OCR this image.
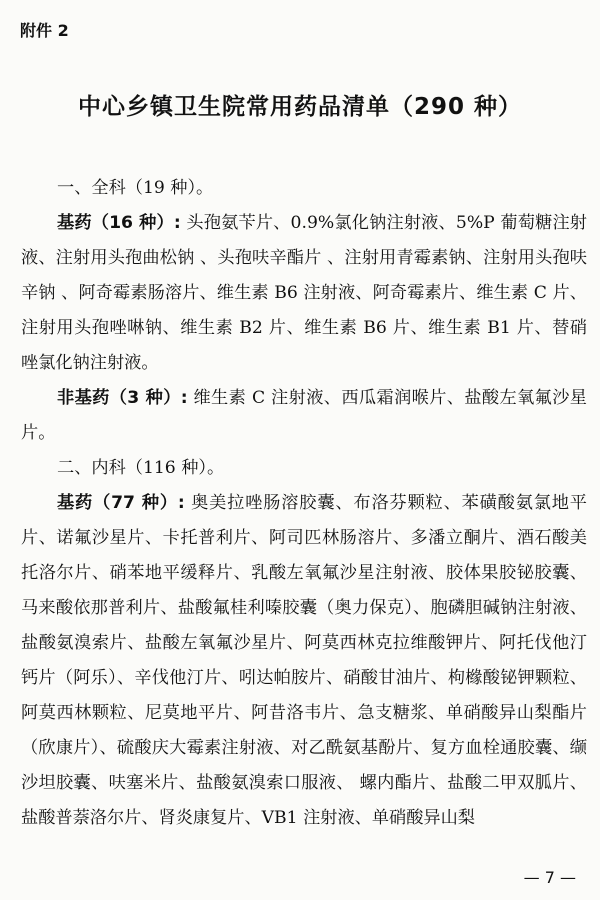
附件 2
中心乡镇卫生院常用药品清单（290 种）

一、全科（19 种）。

基药（16 种）: 头孢氨苄片、0.9%氯化钠注射液、5%P 葡萄糖注射液、注射用头孢曲松钠 、头孢呋辛酯片 、注射用青霉素钠、注射用头孢呋辛钠 、阿奇霉素肠溶片、维生素 B6 注射液、阿奇霉素片、维生素 C 片、注射用头孢唑啉钠、维生素 B2 片、维生素 B6 片、维生素 B1 片、替硝唑氯化钠注射液。

非基药（3 种）: 维生素 C 注射液、西瓜霜润喉片、盐酸左氧氟沙星片。

二、内科（116 种）。

基药（77 种）: 奥美拉唑肠溶胶囊、布洛芬颗粒、苯磺酸氨氯地平片、诺氟沙星片、卡托普利片、阿司匹林肠溶片、多潘立酮片、酒石酸美托洛尔片、硝苯地平缓释片、乳酸左氧氟沙星注射液、胶体果胶铋胶囊、马来酸依那普利片、盐酸氟桂利嗪胶囊（奥力保克）、胞磷胆碱钠注射液、盐酸氨溴索片、盐酸左氧氟沙星片、阿莫西林克拉维酸钾片、阿托伐他汀钙片（阿乐）、辛伐他汀片、吲达帕胺片、硝酸甘油片、枸橼酸铋钾颗粒、阿莫西林颗粒、尼莫地平片、阿昔洛韦片、急支糖浆、单硝酸异山梨酯片（欣康片）、硫酸庆大霉素注射液、对乙酰氨基酚片、复方血栓通胶囊、缬沙坦胶囊、呋塞米片、盐酸氨溴索口服液、 螺内酯片、盐酸二甲双胍片、盐酸普萘洛尔片、肾炎康复片、VB1 注射液、单硝酸异山梨

— 7 —
